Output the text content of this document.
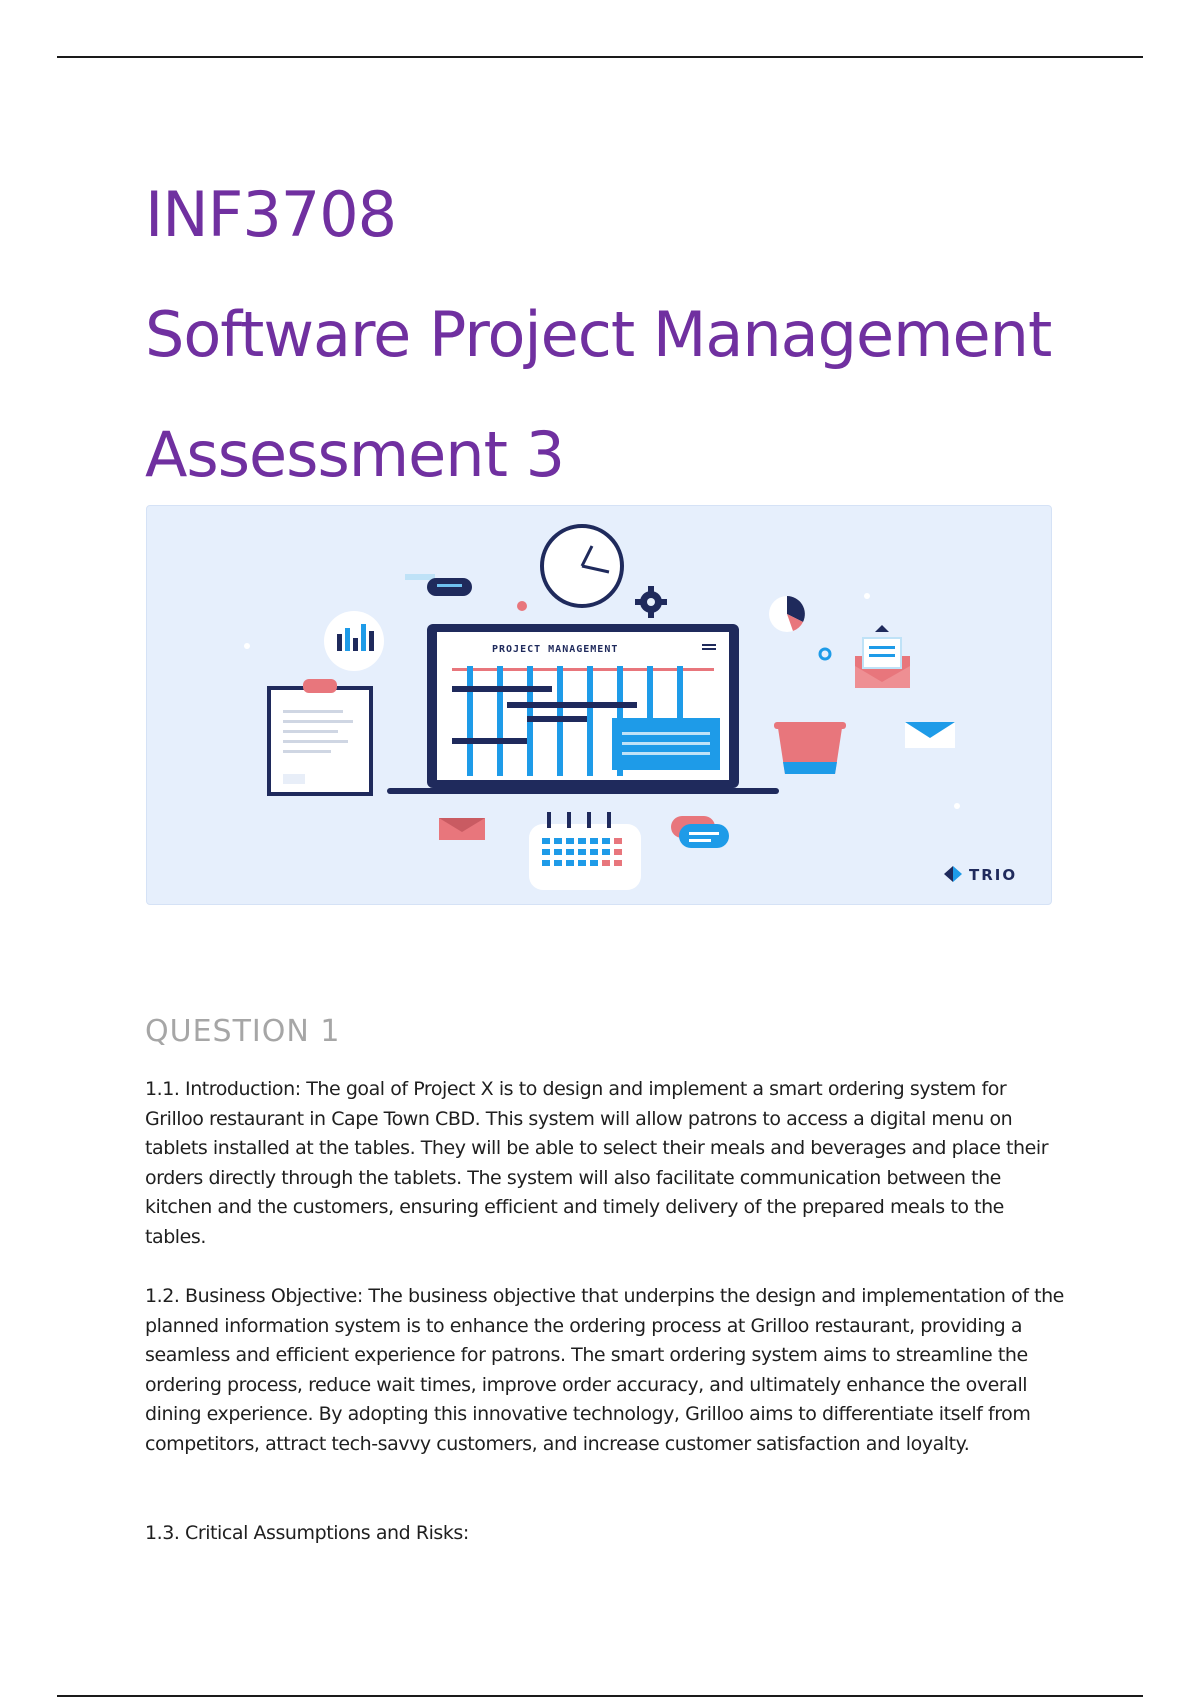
INF3708
Software Project Management
Assessment 3
PROJECT MANAGEMENT
TRIO
QUESTION 1

1.1. Introduction: The goal of Project X is to design and implement a smart ordering system for Grilloo restaurant in Cape Town CBD. This system will allow patrons to access a digital menu on tablets installed at the tables. They will be able to select their meals and beverages and place their orders directly through the tablets. The system will also facilitate communication between the kitchen and the customers, ensuring efficient and timely delivery of the prepared meals to the tables.

1.2. Business Objective: The business objective that underpins the design and implementation of the planned information system is to enhance the ordering process at Grilloo restaurant, providing a seamless and efficient experience for patrons. The smart ordering system aims to streamline the ordering process, reduce wait times, improve order accuracy, and ultimately enhance the overall dining experience. By adopting this innovative technology, Grilloo aims to differentiate itself from competitors, attract tech-savvy customers, and increase customer satisfaction and loyalty.

1.3. Critical Assumptions and Risks:
